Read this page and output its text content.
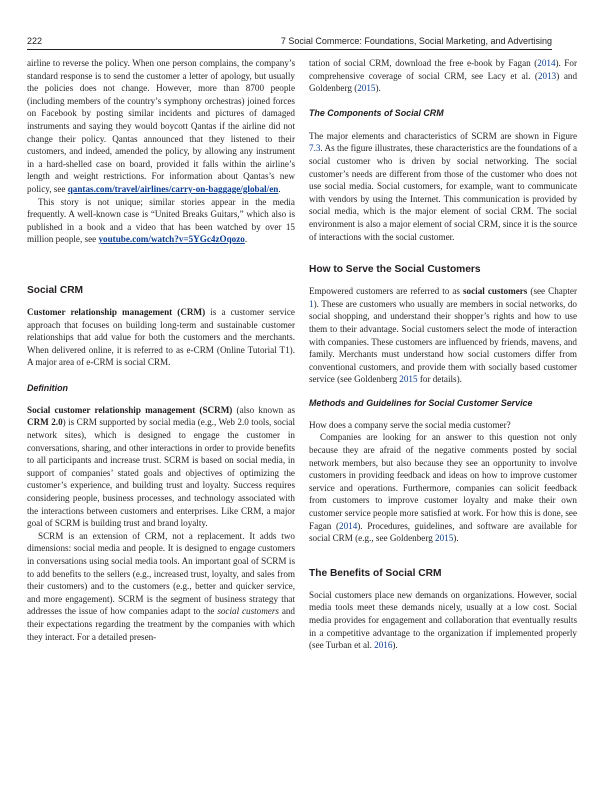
222	7 Social Commerce: Foundations, Social Marketing, and Advertising

airline to reverse the policy. When one person complains, the company’s standard response is to send the customer a letter of apology, but usually the policies does not change. However, more than 8700 people (including members of the country’s symphony orchestras) joined forces on Facebook by posting similar incidents and pictures of damaged instruments and saying they would boycott Qantas if the airline did not change their policy. Qantas announced that they listened to their customers, and indeed, amended the policy, by allowing any instrument in a hard-shelled case on board, provided it falls within the airline’s length and weight restrictions. For information about Qantas’s new policy, see qantas.com/travel/airlines/carry-on-baggage/global/en.

This story is not unique; similar stories appear in the media frequently. A well-known case is “United Breaks Guitars,” which also is published in a book and a video that has been watched by over 15 million people, see youtube.com/watch?v=5YGc4zOqozo.

Social CRM

Customer relationship management (CRM) is a customer service approach that focuses on building long-term and sustainable customer relationships that add value for both the customers and the merchants. When delivered online, it is referred to as e-CRM (Online Tutorial T1). A major area of e-CRM is social CRM.

Definition

Social customer relationship management (SCRM) (also known as CRM 2.0) is CRM supported by social media (e.g., Web 2.0 tools, social network sites), which is designed to engage the customer in conversations, sharing, and other interactions in order to provide benefits to all participants and increase trust. SCRM is based on social media, in support of companies’ stated goals and objectives of optimizing the customer’s experience, and building trust and loyalty. Success requires considering people, business processes, and technology associated with the interactions between customers and enterprises. Like CRM, a major goal of SCRM is building trust and brand loyalty.

SCRM is an extension of CRM, not a replacement. It adds two dimensions: social media and people. It is designed to engage customers in conversations using social media tools. An important goal of SCRM is to add benefits to the sellers (e.g., increased trust, loyalty, and sales from their customers) and to the customers (e.g., better and quicker service, and more engagement). SCRM is the segment of business strategy that addresses the issue of how companies adapt to the social customers and their expectations regarding the treatment by the companies with which they interact. For a detailed presen-

tation of social CRM, download the free e-book by Fagan (2014). For comprehensive coverage of social CRM, see Lacy et al. (2013) and Goldenberg (2015).

The Components of Social CRM

The major elements and characteristics of SCRM are shown in Figure 7.3. As the figure illustrates, these characteristics are the foundations of a social customer who is driven by social networking. The social customer’s needs are different from those of the customer who does not use social media. Social customers, for example, want to communicate with vendors by using the Internet. This communication is provided by social media, which is the major element of social CRM. The social environment is also a major element of social CRM, since it is the source of interactions with the social customer.

How to Serve the Social Customers

Empowered customers are referred to as social customers (see Chapter 1). These are customers who usually are members in social networks, do social shopping, and understand their shopper’s rights and how to use them to their advantage. Social customers select the mode of interaction with companies. These customers are influenced by friends, mavens, and family. Merchants must understand how social customers differ from conventional customers, and provide them with socially based customer service (see Goldenberg 2015 for details).

Methods and Guidelines for Social Customer Service

How does a company serve the social media customer?

Companies are looking for an answer to this question not only because they are afraid of the negative comments posted by social network members, but also because they see an opportunity to involve customers in providing feedback and ideas on how to improve customer service and operations. Furthermore, companies can solicit feedback from customers to improve customer loyalty and make their own customer service people more satisfied at work. For how this is done, see Fagan (2014). Procedures, guidelines, and software are available for social CRM (e.g., see Goldenberg 2015).

The Benefits of Social CRM

Social customers place new demands on organizations. However, social media tools meet these demands nicely, usually at a low cost. Social media provides for engagement and collaboration that eventually results in a competitive advantage to the organization if implemented properly (see Turban et al. 2016).
